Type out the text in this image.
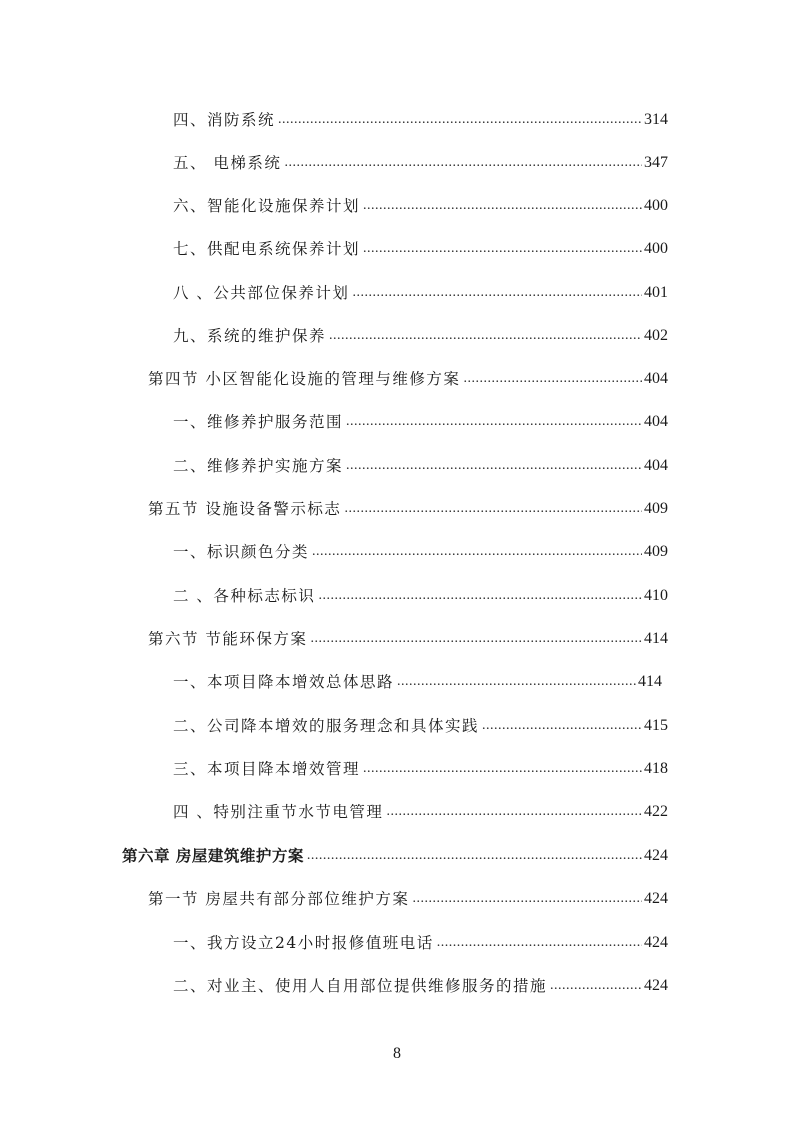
四、消防系统 .....	314
五、 电梯系统 .....	347
六、智能化设施保养计划 .....	400
七、供配电系统保养计划 .....	400
八 、公共部位保养计划 .....	401
九、系统的维护保养 .....	402
第四节 小区智能化设施的管理与维修方案 .....	404
一、维修养护服务范围 .....	404
二、维修养护实施方案 .....	404
第五节 设施设备警示标志 .....	409
一、标识颜色分类 .....	409
二 、各种标志标识 .....	410
第六节 节能环保方案 .....	414
一、本项目降本增效总体思路 .....	414
二、公司降本增效的服务理念和具体实践 .....	415
三、本项目降本增效管理 .....	418
四 、特别注重节水节电管理 .....	422
第六章 房屋建筑维护方案 .....	424
第一节 房屋共有部分部位维护方案 .....	424
一、我方设立24小时报修值班电话 .....	424
二、对业主、使用人自用部位提供维修服务的措施 .....	424
8
